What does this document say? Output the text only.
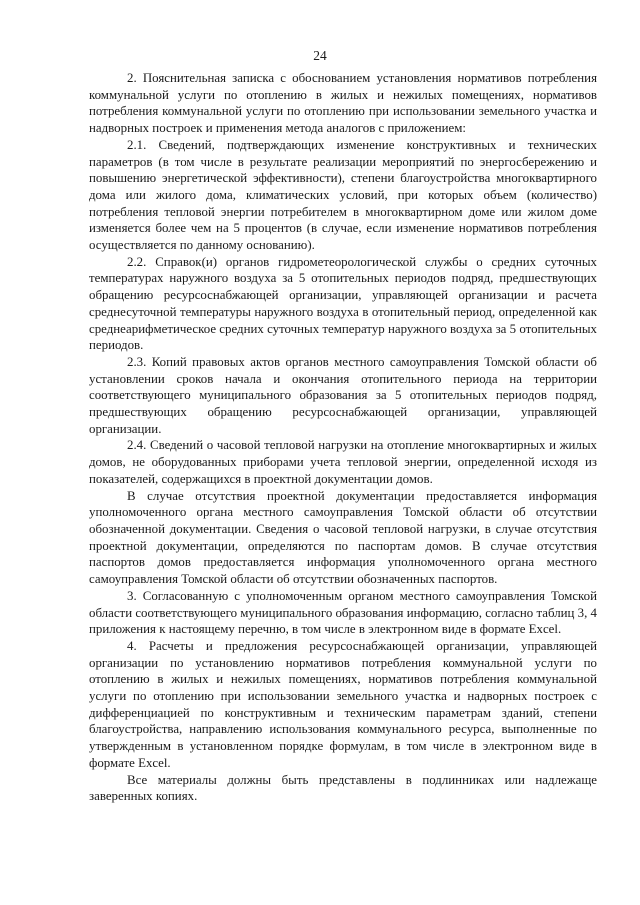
24

2. Пояснительная записка с обоснованием установления нормативов потребления коммунальной услуги по отоплению в жилых и нежилых помещениях, нормативов потребления коммунальной услуги по отоплению при использовании земельного участка и надворных построек и применения метода аналогов с приложением:

2.1. Сведений, подтверждающих изменение конструктивных и технических параметров (в том числе в результате реализации мероприятий по энергосбережению и повышению энергетической эффективности), степени благоустройства многоквартирного дома или жилого дома, климатических условий, при которых объем (количество) потребления тепловой энергии потребителем в многоквартирном доме или жилом доме изменяется более чем на 5 процентов (в случае, если изменение нормативов потребления осуществляется по данному основанию).

2.2. Справок(и) органов гидрометеорологической службы о средних суточных температурах наружного воздуха за 5 отопительных периодов подряд, предшествующих обращению ресурсоснабжающей организации, управляющей организации и расчета среднесуточной температуры наружного воздуха в отопительный период, определенной как среднеарифметическое средних суточных температур наружного воздуха за 5 отопительных периодов.

2.3. Копий правовых актов органов местного самоуправления Томской области об установлении сроков начала и окончания отопительного периода на территории соответствующего муниципального образования за 5 отопительных периодов подряд, предшествующих обращению ресурсоснабжающей организации, управляющей организации.

2.4. Сведений о часовой тепловой нагрузки на отопление многоквартирных и жилых домов, не оборудованных приборами учета тепловой энергии, определенной исходя из показателей, содержащихся в проектной документации домов.

В случае отсутствия проектной документации предоставляется информация уполномоченного органа местного самоуправления Томской области об отсутствии обозначенной документации. Сведения о часовой тепловой нагрузки, в случае отсутствия проектной документации, определяются по паспортам домов. В случае отсутствия паспортов домов предоставляется информация уполномоченного органа местного самоуправления Томской области об отсутствии обозначенных паспортов.

3. Согласованную с уполномоченным органом местного самоуправления Томской области соответствующего муниципального образования информацию, согласно таблиц 3, 4 приложения к настоящему перечню, в том числе в электронном виде в формате Excel.

4. Расчеты и предложения ресурсоснабжающей организации, управляющей организации по установлению нормативов потребления коммунальной услуги по отоплению в жилых и нежилых помещениях, нормативов потребления коммунальной услуги по отоплению при использовании земельного участка и надворных построек с дифференциацией по конструктивным и техническим параметрам зданий, степени благоустройства, направлению использования коммунального ресурса, выполненные по утвержденным в установленном порядке формулам, в том числе в электронном виде в формате Excel.

Все материалы должны быть представлены в подлинниках или надлежаще заверенных копиях.
